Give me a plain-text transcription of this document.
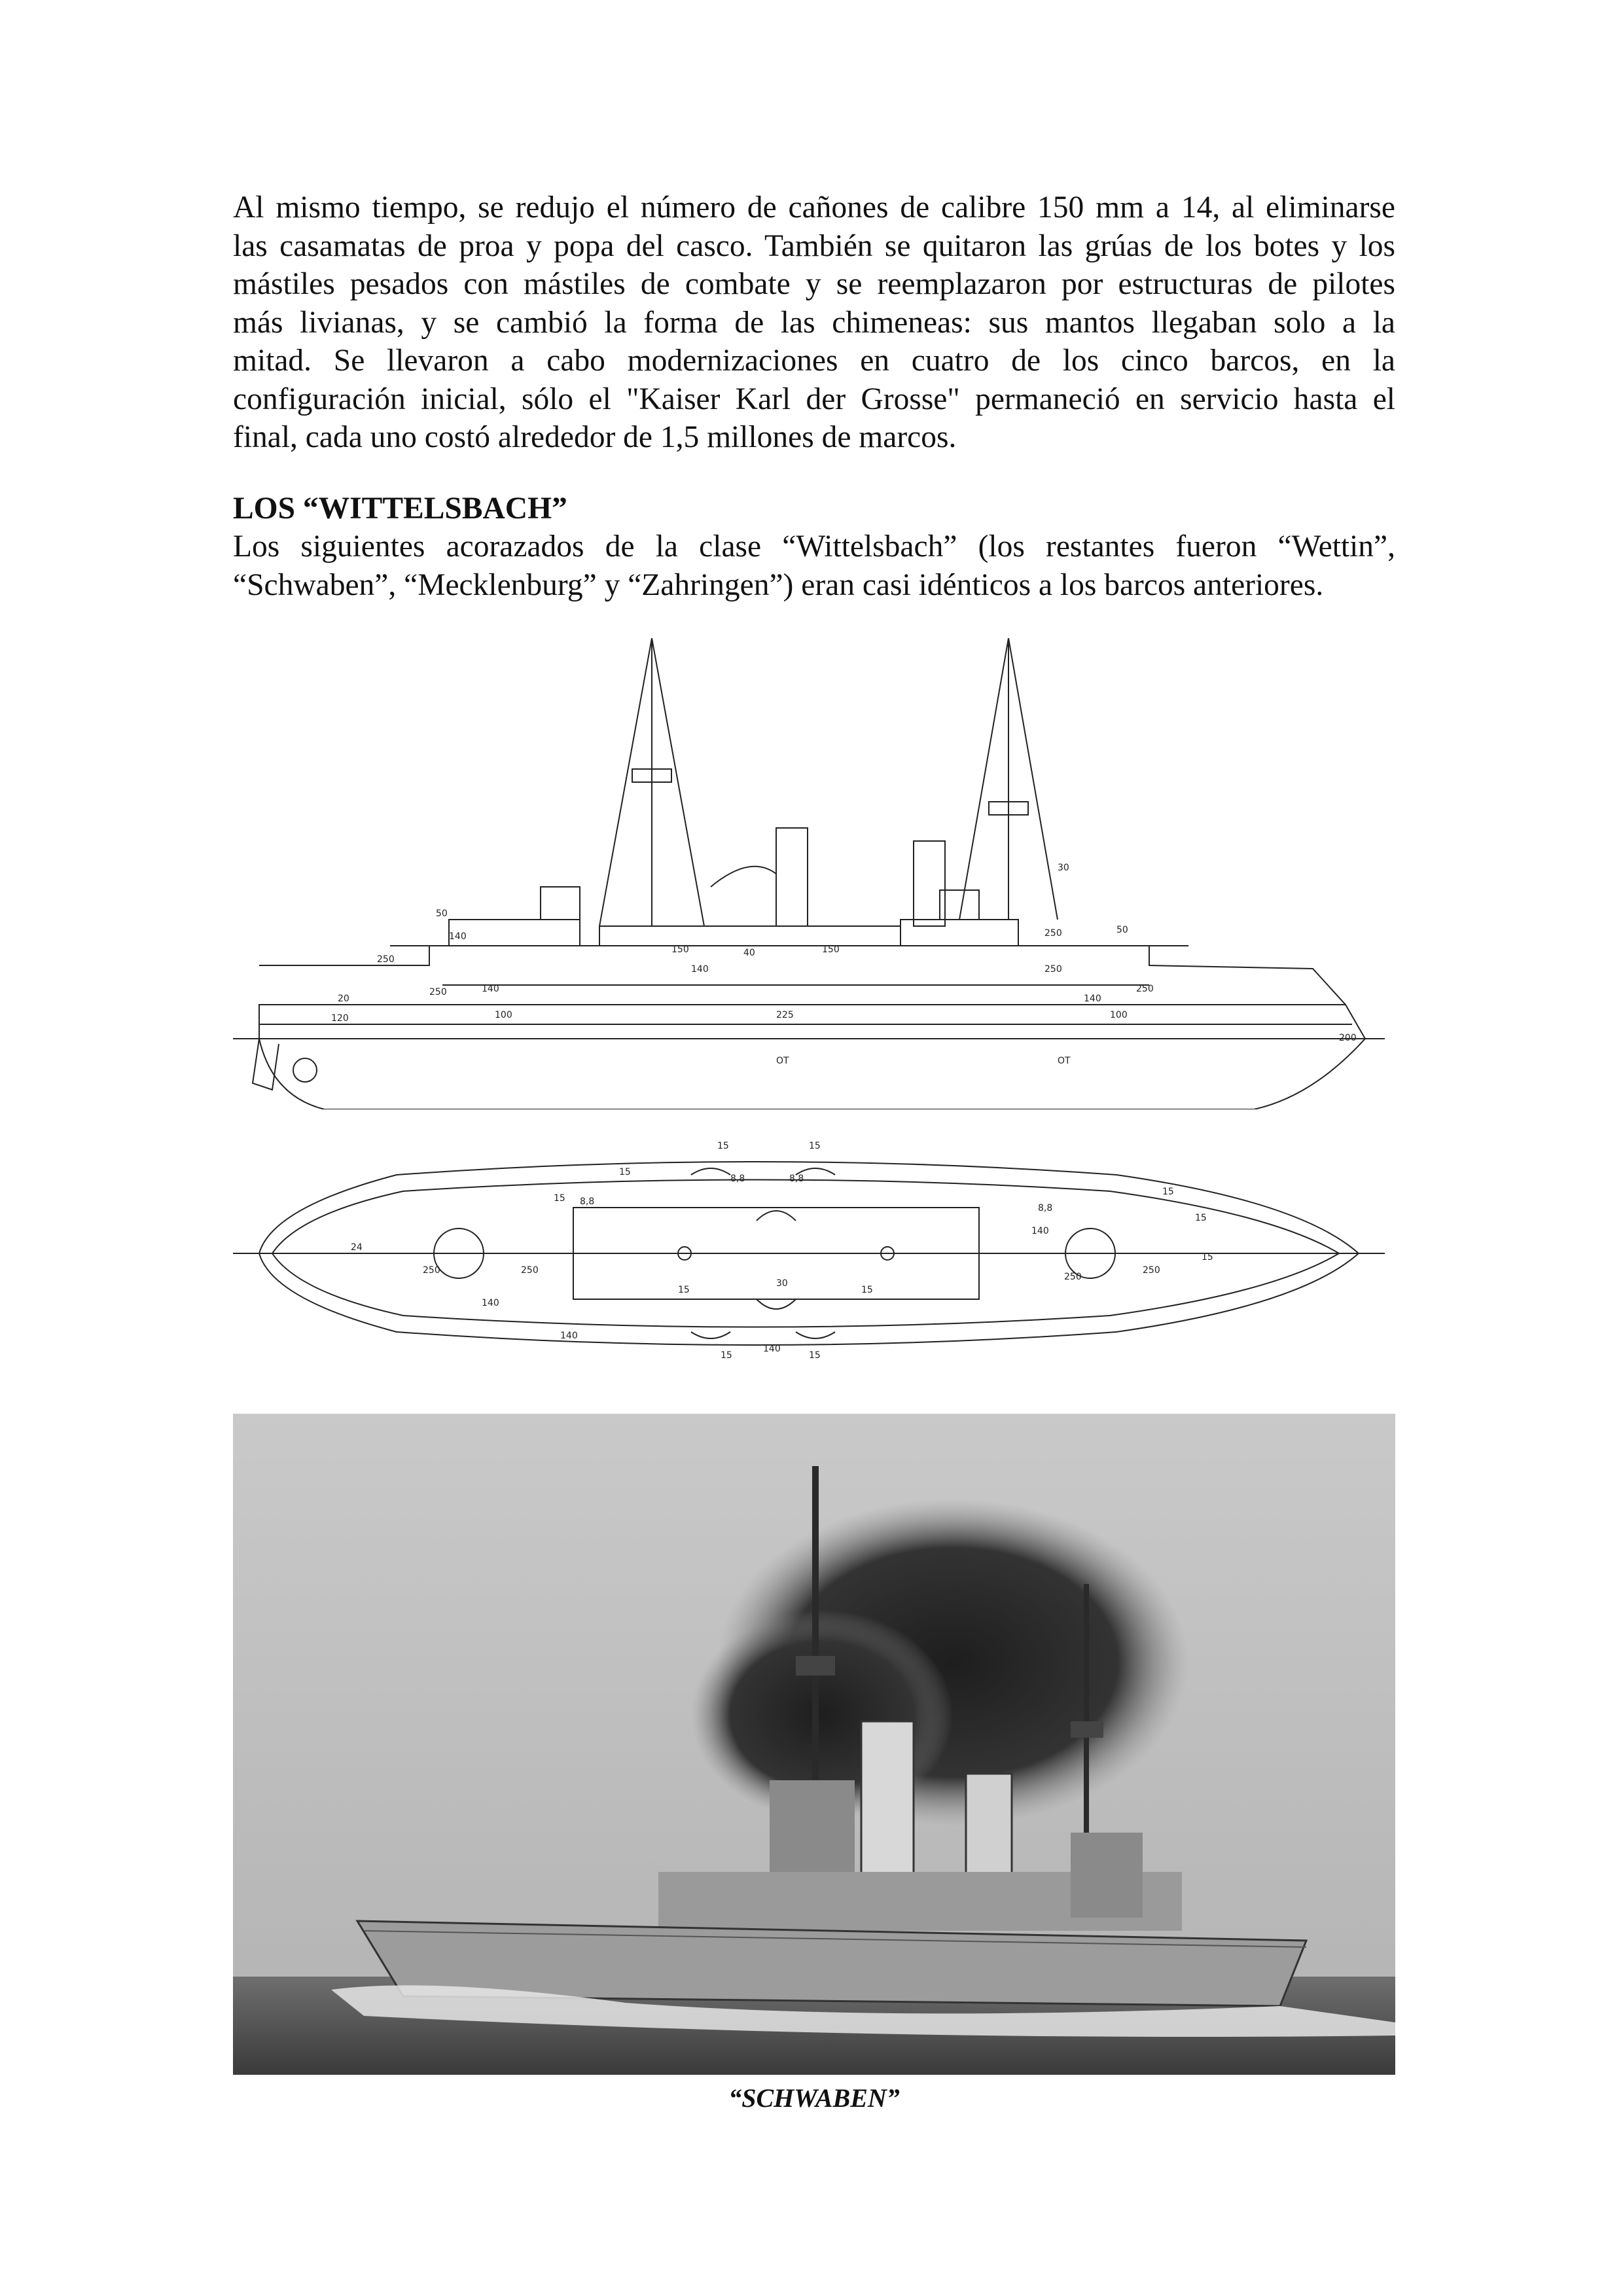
Al mismo tiempo, se redujo el número de cañones de calibre 150 mm a 14, al eliminarse
las casamatas de proa y popa del casco. También se quitaron las grúas de los botes y los
mástiles pesados con mástiles de combate y se reemplazaron por estructuras de pilotes
más livianas, y se cambió la forma de las chimeneas: sus mantos llegaban solo a la
mitad. Se llevaron a cabo modernizaciones en cuatro de los cinco barcos, en la
configuración inicial, sólo el "Kaiser Karl der Grosse" permaneció en servicio hasta el
final, cada uno costó alrededor de 1,5 millones de marcos.

LOS “WITTELSBACH”

Los siguientes acorazados de la clase “Wittelsbach” (los restantes fueron “Wettin”,
“Schwaben”, “Mecklenburg” y “Zahringen”) eran casi idénticos a los barcos anteriores.

50
140
250
150	40
140
150
250	50
250
20
250	140
225
100
120
OT	OT
200
250
140
100
30
15	15
15
8,8	8,8
15 8,8
15
24
250	250	250
8,8
140
15
250
15
30
15	15
140
140
15
140
15

“SCHWABEN”
